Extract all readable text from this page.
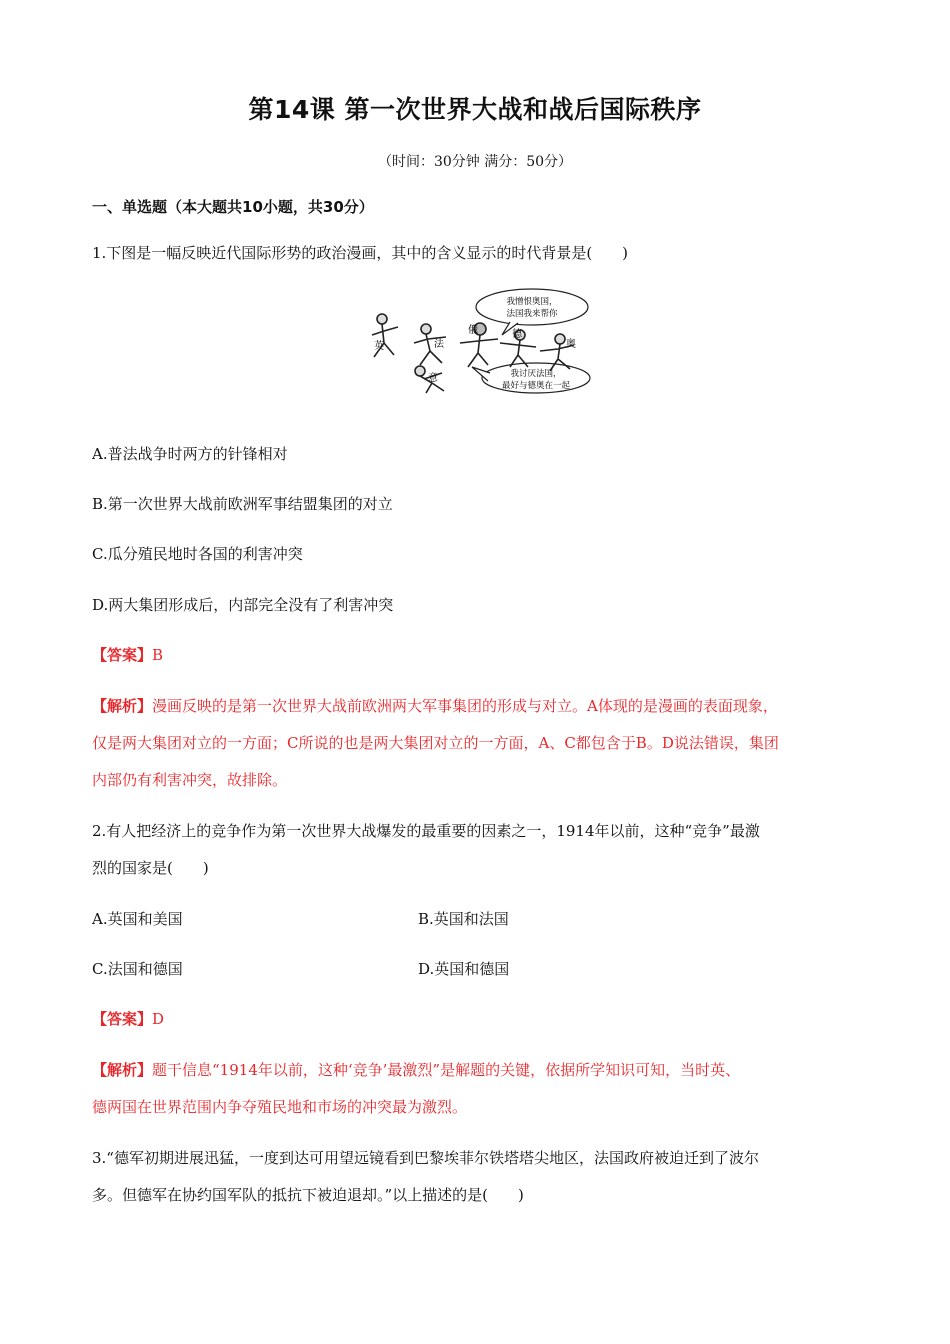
第14课 第一次世界大战和战后国际秩序
（时间：30分钟 满分：50分）
一、单选题（本大题共10小题，共30分）
1.下图是一幅反映近代国际形势的政治漫画，其中的含义显示的时代背景是(　　)
我憎恨奥国，
法国我来帮你
我讨厌法国，
最好与德奥在一起
英	法
俄	德
奥
意
A.普法战争时两方的针锋相对
B.第一次世界大战前欧洲军事结盟集团的对立
C.瓜分殖民地时各国的利害冲突
D.两大集团形成后，内部完全没有了利害冲突
【答案】B
【解析】漫画反映的是第一次世界大战前欧洲两大军事集团的形成与对立。A体现的是漫画的表面现象，
仅是两大集团对立的一方面；C所说的也是两大集团对立的一方面，A、C都包含于B。D说法错误，集团
内部仍有利害冲突，故排除。
2.有人把经济上的竞争作为第一次世界大战爆发的最重要的因素之一，1914年以前，这种“竞争”最激
烈的国家是(　　)
A.英国和美国	B.英国和法国
C.法国和德国	D.英国和德国
【答案】D
【解析】题干信息“1914年以前，这种‘竞争’最激烈”是解题的关键，依据所学知识可知，当时英、
德两国在世界范围内争夺殖民地和市场的冲突最为激烈。
3.“德军初期进展迅猛，一度到达可用望远镜看到巴黎埃菲尔铁塔塔尖地区，法国政府被迫迁到了波尔
多。但德军在协约国军队的抵抗下被迫退却。”以上描述的是(　　)
